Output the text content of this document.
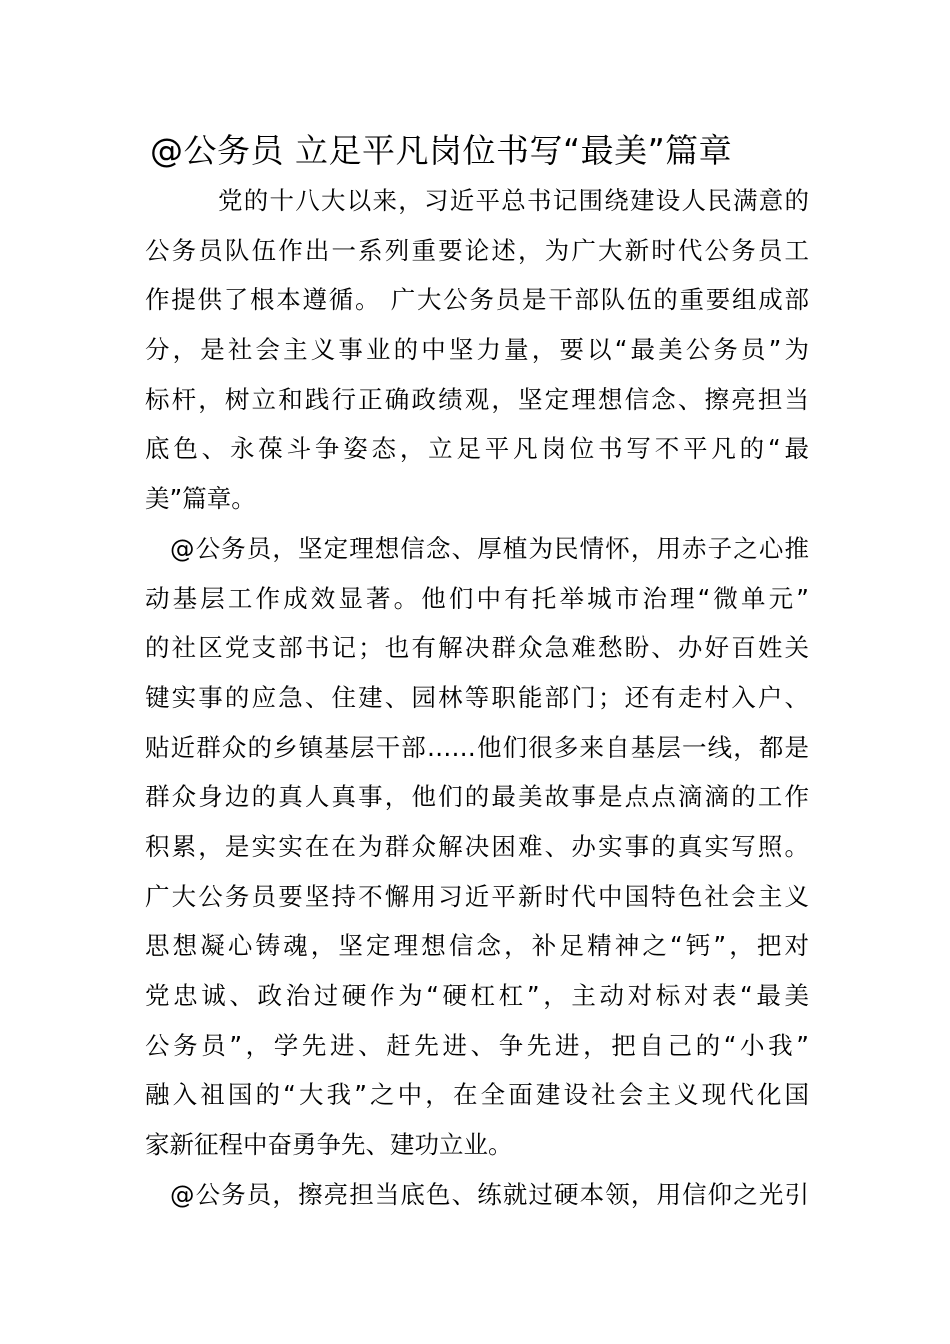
@公务员 立足平凡岗位书写“最美”篇章
党的十八大以来，习近平总书记围绕建设人民满意的
公务员队伍作出一系列重要论述，为广大新时代公务员工
作提供了根本遵循。 广大公务员是干部队伍的重要组成部
分，是社会主义事业的中坚力量，要以“最美公务员”为
标杆，树立和践行正确政绩观，坚定理想信念、擦亮担当
底色、永葆斗争姿态，立足平凡岗位书写不平凡的“最
美”篇章。
@公务员，坚定理想信念、厚植为民情怀，用赤子之心推
动基层工作成效显著。他们中有托举城市治理“微单元”
的社区党支部书记；也有解决群众急难愁盼、办好百姓关
键实事的应急、住建、园林等职能部门；还有走村入户、
贴近群众的乡镇基层干部……他们很多来自基层一线，都是
群众身边的真人真事，他们的最美故事是点点滴滴的工作
积累，是实实在在为群众解决困难、办实事的真实写照。
广大公务员要坚持不懈用习近平新时代中国特色社会主义
思想凝心铸魂，坚定理想信念，补足精神之“钙”，把对
党忠诚、政治过硬作为“硬杠杠”，主动对标对表“最美
公务员”，学先进、赶先进、争先进，把自己的“小我”
融入祖国的“大我”之中，在全面建设社会主义现代化国
家新征程中奋勇争先、建功立业。
@公务员，擦亮担当底色、练就过硬本领，用信仰之光引
